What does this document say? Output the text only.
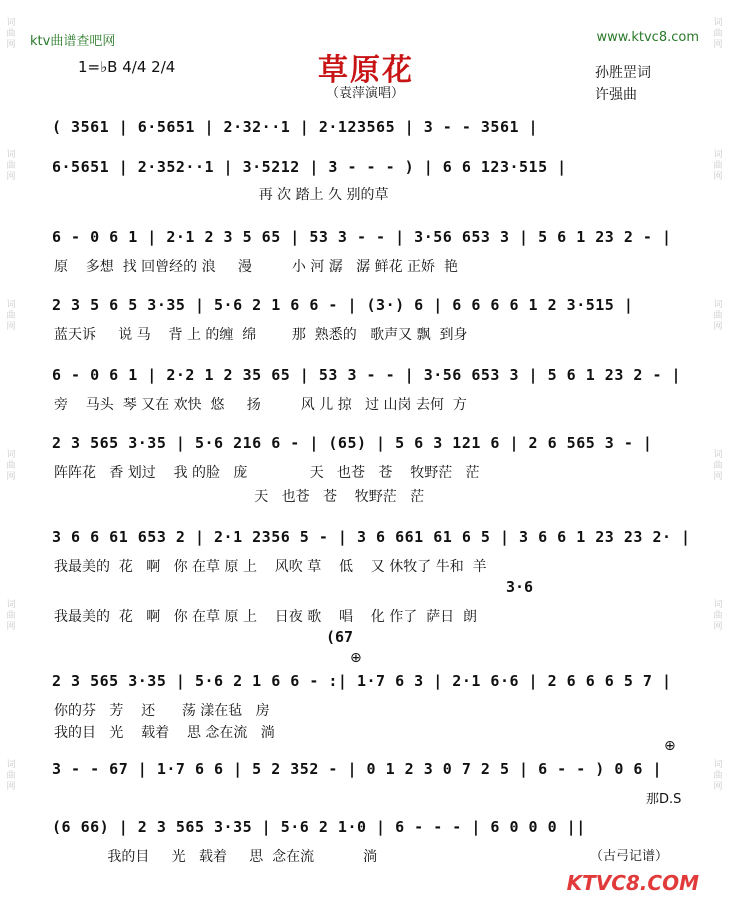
词曲网
词曲网
词曲网
词曲网
词曲网
词曲网
词曲网
词曲网
词曲网
词曲网
词曲网
词曲网
ktv曲谱查吧网	www.ktvc8.com
1=♭B 4/4 2/4	草原花
（袁萍演唱）
孙胜罡词
许强曲
( 3561 | 6·5651 | 2·32··1 | 2·123565 | 3 - - 3561 |
6·5651 | 2·352··1 | 3·5212 | 3 - - - ) | 6 6 123·515 |
再 次 踏上 久 别的草
6 - 0 6 1 | 2·1 2 3 5 65 | 53 3 - - | 3·56 653 3 | 5 6 1 23 2 - |
原    多想  找 回曾经的 浪     漫         小 河 潺   潺 鲜花 正娇  艳
2 3 5 6 5 3·35 | 5·6 2 1 6 6 - | (3·) 6 | 6 6 6 6 1 2 3·515 |
蓝天诉     说 马    背 上 的缠  绵        那  熟悉的   歌声又 飘  到身
6 - 0 6 1 | 2·2 1 2 35 65 | 53 3 - - | 3·56 653 3 | 5 6 1 23 2 - |
旁    马头  琴 又在 欢快  悠     扬         风 儿 掠   过 山岗 去何  方
2 3 565 3·35 | 5·6 216 6 - | (65) | 5 6 3 121 6 | 2 6 565 3 - |
阵阵花   香 划过    我 的脸   庞              天   也苍   苍    牧野茫   茫
天   也苍   苍    牧野茫   茫
3 6 6 61 653 2 | 2·1 2356 5 - | 3 6 661 61 6 5 | 3 6 6 1 23 23 2· |
我最美的  花   啊   你 在草 原 上    风吹 草    低    又 休牧了 牛和  羊
3·6
我最美的  花   啊   你 在草 原 上    日夜 歌    唱    化 作了  萨日  朗
(67
⊕
2 3 565 3·35 | 5·6 2 1 6 6 - :| 1·7 6 3 | 2·1 6·6 | 2 6 6 6 5 7 |
你的芬   芳    还      荡 漾在毡   房
我的目   光    载着    思 念在流   淌
⊕
3 - - 67 | 1·7 6 6 | 5 2 352 - | 0 1 2 3 0 7 2 5 | 6 - - ) 0 6 |
那D.S
(6 66) | 2 3 565 3·35 | 5·6 2 1·0 | 6 - - - | 6 0 0 0 ||
我的目     光   载着     思  念在流           淌	（古弓记谱）
KTVC8.COM
